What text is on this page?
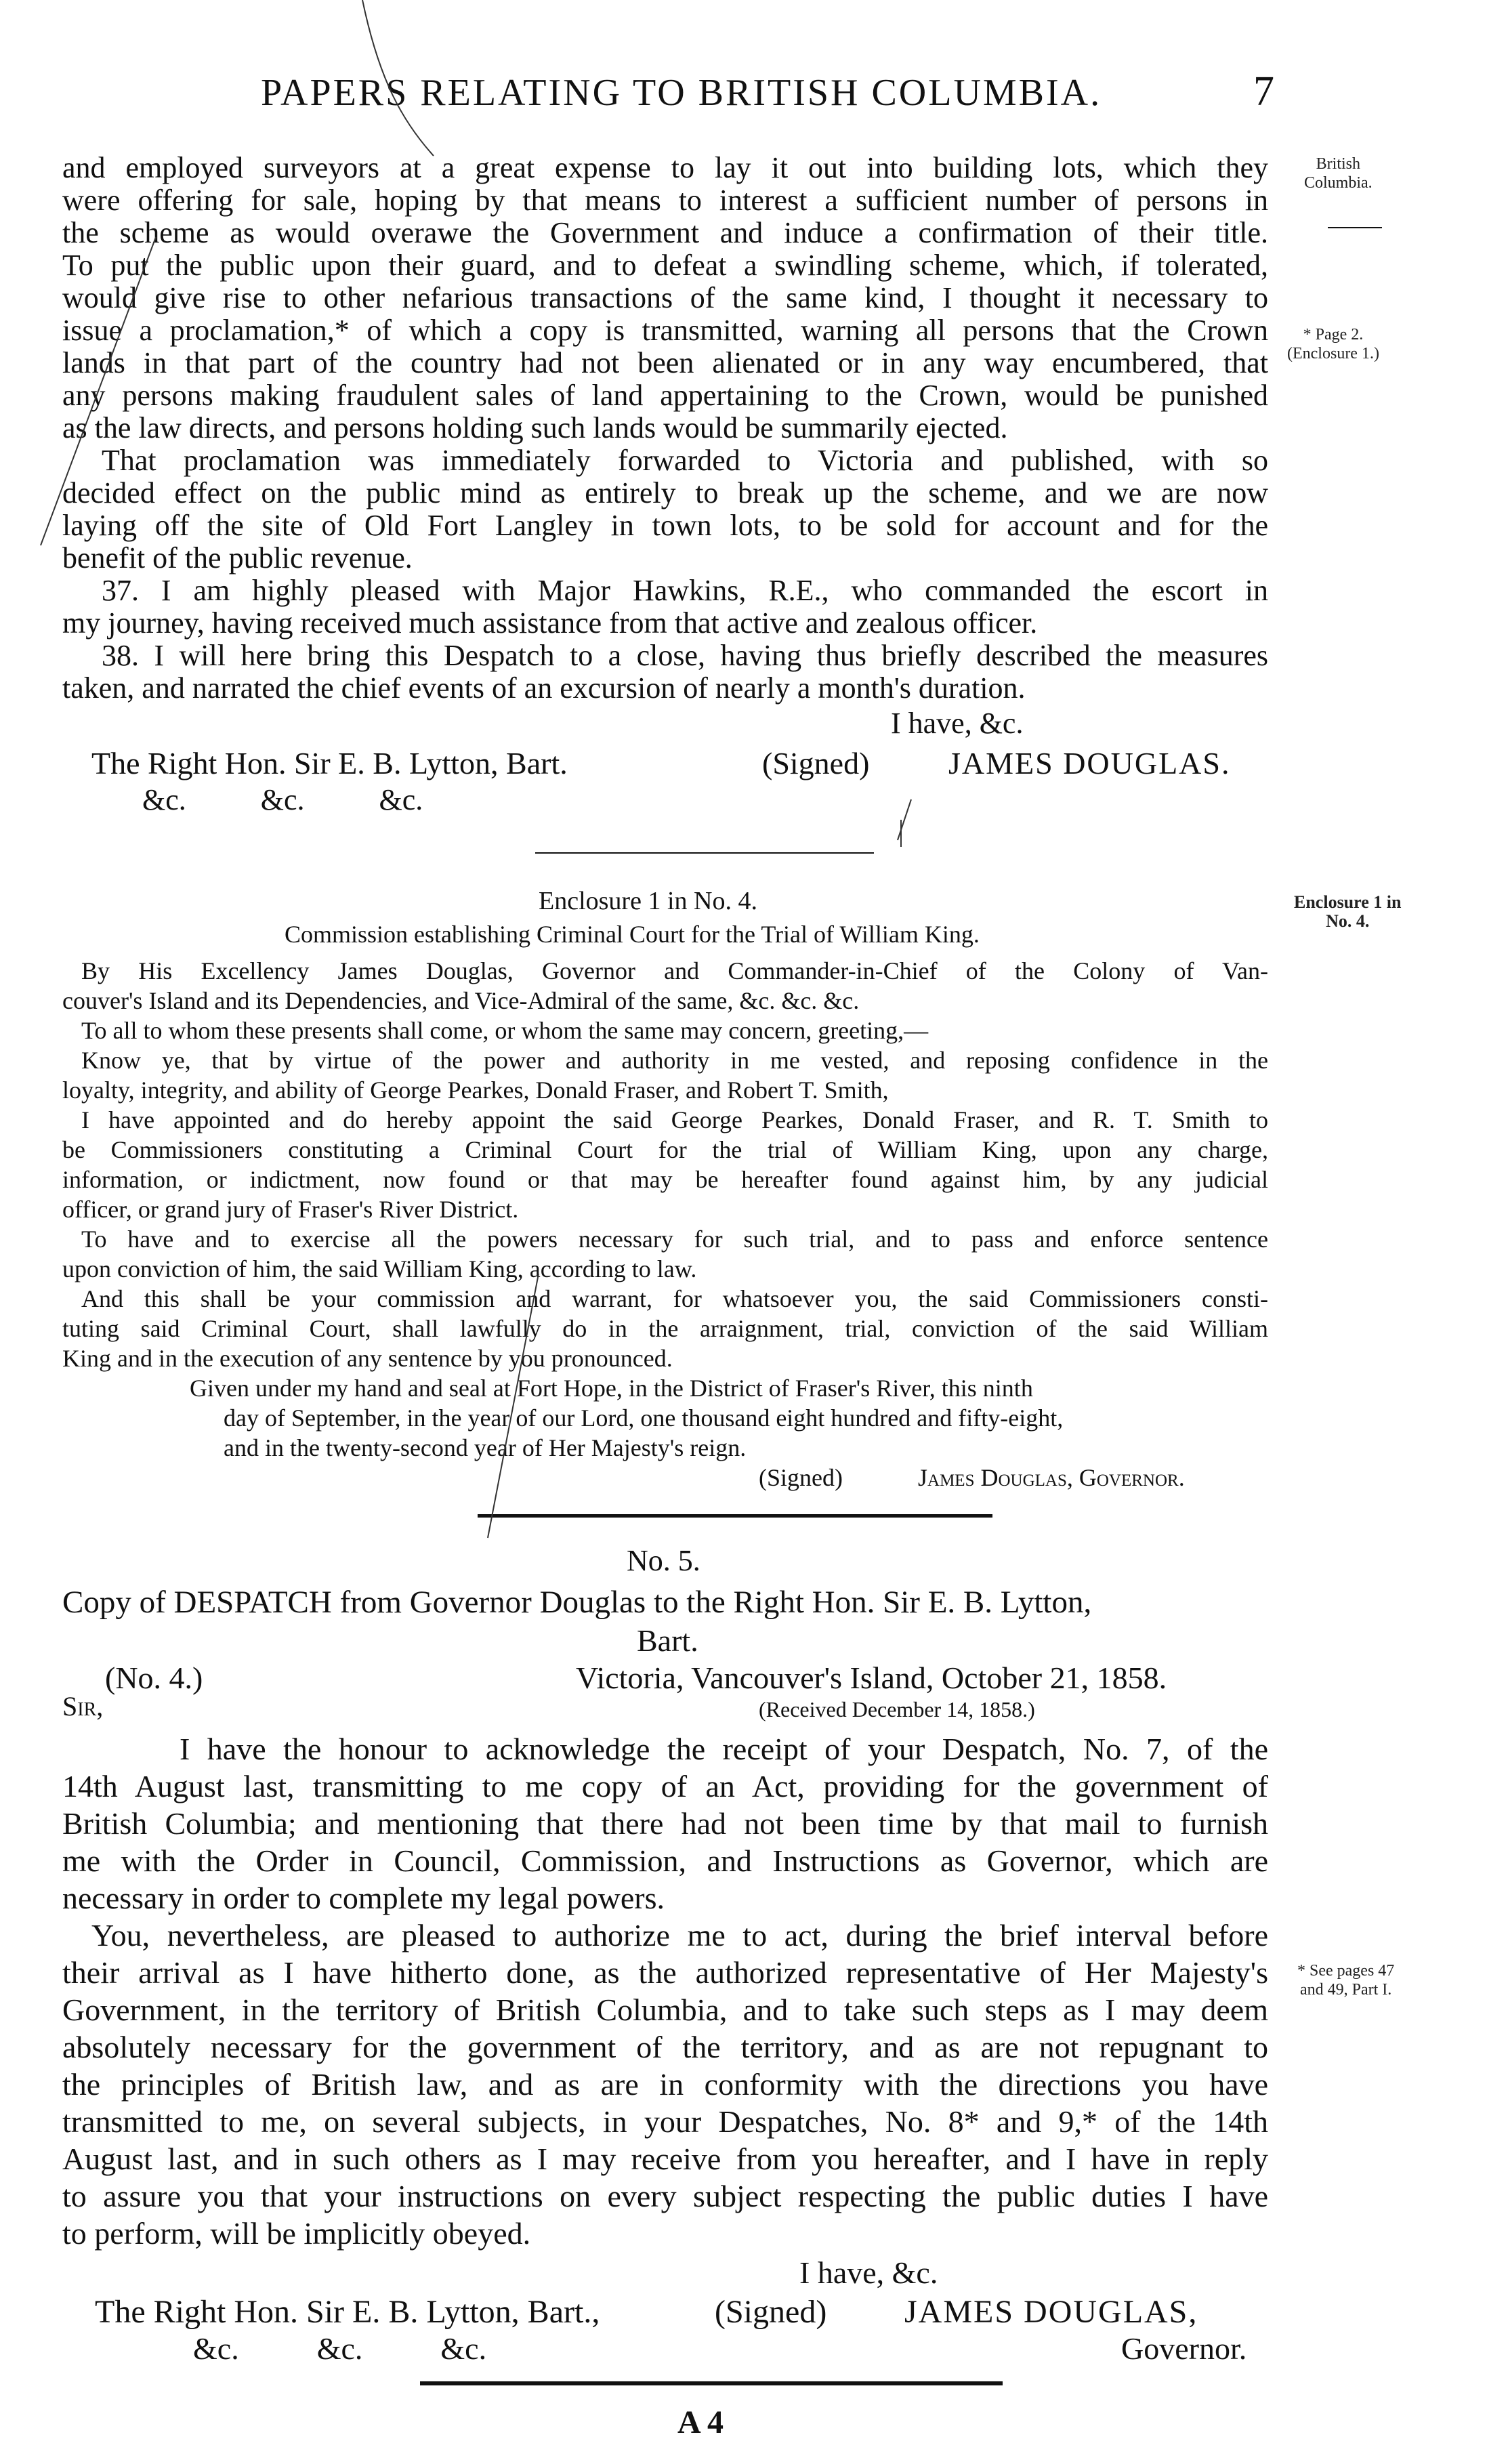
PAPERS RELATING TO BRITISH COLUMBIA.	7
British
Columbia.
* Page 2.
(Enclosure 1.)
Enclosure 1 in
No. 4.
* See pages 47
and 49, Part I.
and employed surveyors at a great expense to lay it out into building lots, which they
were offering for sale, hoping by that means to interest a sufficient number of persons in
the scheme as would overawe the Government and induce a confirmation of their title.
To put the public upon their guard, and to defeat a swindling scheme, which, if tolerated,
would give rise to other nefarious transactions of the same kind, I thought it necessary to
issue a proclamation,* of which a copy is transmitted, warning all persons that the Crown
lands in that part of the country had not been alienated or in any way encumbered, that
any persons making fraudulent sales of land appertaining to the Crown, would be punished
as the law directs, and persons holding such lands would be summarily ejected.
That proclamation was immediately forwarded to Victoria and published, with so
decided effect on the public mind as entirely to break up the scheme, and we are now
laying off the site of Old Fort Langley in town lots, to be sold for account and for the
benefit of the public revenue.
37. I am highly pleased with Major Hawkins, R.E., who commanded the escort in
my journey, having received much assistance from that active and zealous officer.
38. I will here bring this Despatch to a close, having thus briefly described the measures
taken, and narrated the chief events of an excursion of nearly a month's duration.
I have, &c.
The Right Hon. Sir E. B. Lytton, Bart.	(Signed)	JAMES DOUGLAS.
&c.          &c.          &c.
Enclosure 1 in No. 4.
Commission establishing Criminal Court for the Trial of William King.
By His Excellency James Douglas, Governor and Commander-in-Chief of the Colony of Van-
couver's Island and its Dependencies, and Vice-Admiral of the same, &c. &c. &c.
To all to whom these presents shall come, or whom the same may concern, greeting,—
Know ye, that by virtue of the power and authority in me vested, and reposing confidence in the
loyalty, integrity, and ability of George Pearkes, Donald Fraser, and Robert T. Smith,
I have appointed and do hereby appoint the said George Pearkes, Donald Fraser, and R. T. Smith to
be Commissioners constituting a Criminal Court for the trial of William King, upon any charge,
information, or indictment, now found or that may be hereafter found against him, by any judicial
officer, or grand jury of Fraser's River District.
To have and to exercise all the powers necessary for such trial, and to pass and enforce sentence
upon conviction of him, the said William King, according to law.
And this shall be your commission and warrant, for whatsoever you, the said Commissioners consti-
tuting said Criminal Court, shall lawfully do in the arraignment, trial, conviction of the said William
King and in the execution of any sentence by you pronounced.
Given under my hand and seal at Fort Hope, in the District of Fraser's River, this ninth
day of September, in the year of our Lord, one thousand eight hundred and fifty-eight,
and in the twenty-second year of Her Majesty's reign.
(Signed)	James Douglas, Governor.
No. 5.
Copy of DESPATCH from Governor Douglas to the Right Hon. Sir E. B. Lytton,
Bart.
(No. 4.)	Victoria, Vancouver's Island, October 21, 1858.
Sir,	(Received December 14, 1858.)
I have the honour to acknowledge the receipt of your Despatch, No. 7, of the
14th August last, transmitting to me copy of an Act, providing for the government of
British Columbia; and mentioning that there had not been time by that mail to furnish
me with the Order in Council, Commission, and Instructions as Governor, which are
necessary in order to complete my legal powers.
You, nevertheless, are pleased to authorize me to act, during the brief interval before
their arrival as I have hitherto done, as the authorized representative of Her Majesty's
Government, in the territory of British Columbia, and to take such steps as I may deem
absolutely necessary for the government of the territory, and as are not repugnant to
the principles of British law, and as are in conformity with the directions you have
transmitted to me, on several subjects, in your Despatches, No. 8* and 9,* of the 14th
August last, and in such others as I may receive from you hereafter, and I have in reply
to assure you that your instructions on every subject respecting the public duties I have
to perform, will be implicitly obeyed.
I have, &c.
The Right Hon. Sir E. B. Lytton, Bart.,	(Signed) JAMES DOUGLAS,
&c.          &c.          &c.	Governor.
A 4
